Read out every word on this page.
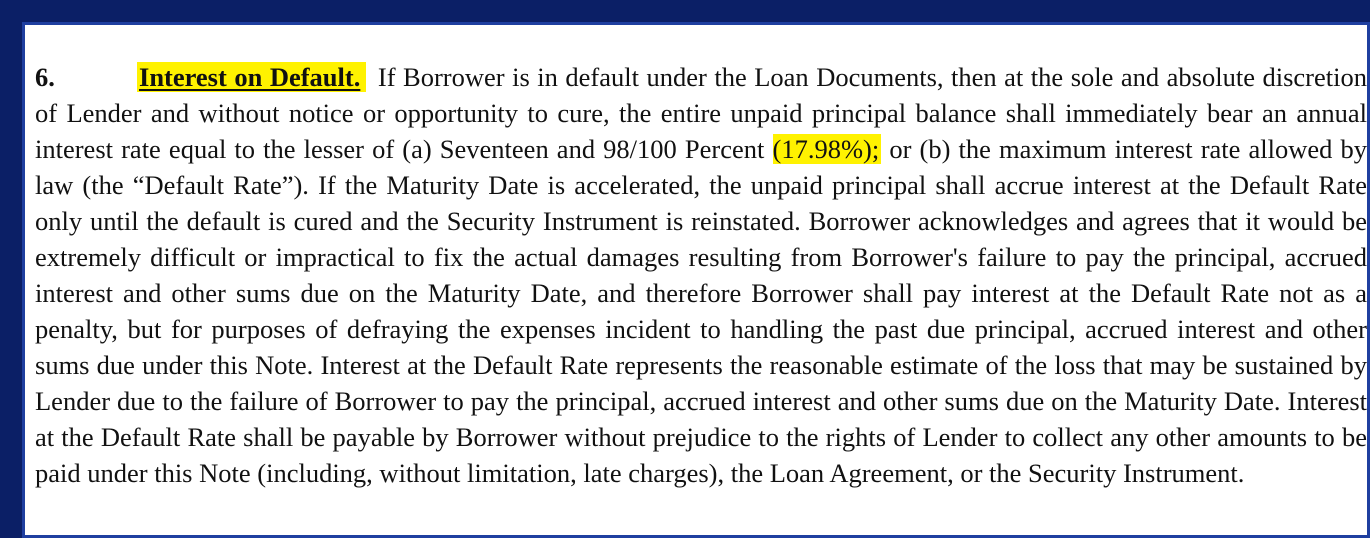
6.	Interest on Default. If Borrower is in default under the Loan Documents, then at the sole and absolute discretion of Lender and without notice or opportunity to cure, the entire unpaid principal balance shall immediately bear an annual interest rate equal to the lesser of (a) Seventeen and 98/100 Percent (17.98%); or (b) the maximum interest rate allowed by law (the “Default Rate”). If the Maturity Date is accelerated, the unpaid principal shall accrue interest at the Default Rate only until the default is cured and the Security Instrument is reinstated. Borrower acknowledges and agrees that it would be extremely difficult or impractical to fix the actual damages resulting from Borrower's failure to pay the principal, accrued interest and other sums due on the Maturity Date, and therefore Borrower shall pay interest at the Default Rate not as a penalty, but for purposes of defraying the expenses incident to handling the past due principal, accrued interest and other sums due under this Note. Interest at the Default Rate represents the reasonable estimate of the loss that may be sustained by Lender due to the failure of Borrower to pay the principal, accrued interest and other sums due on the Maturity Date. Interest at the Default Rate shall be payable by Borrower without prejudice to the rights of Lender to collect any other amounts to be paid under this Note (including, without limitation, late charges), the Loan Agreement, or the Security Instrument.
